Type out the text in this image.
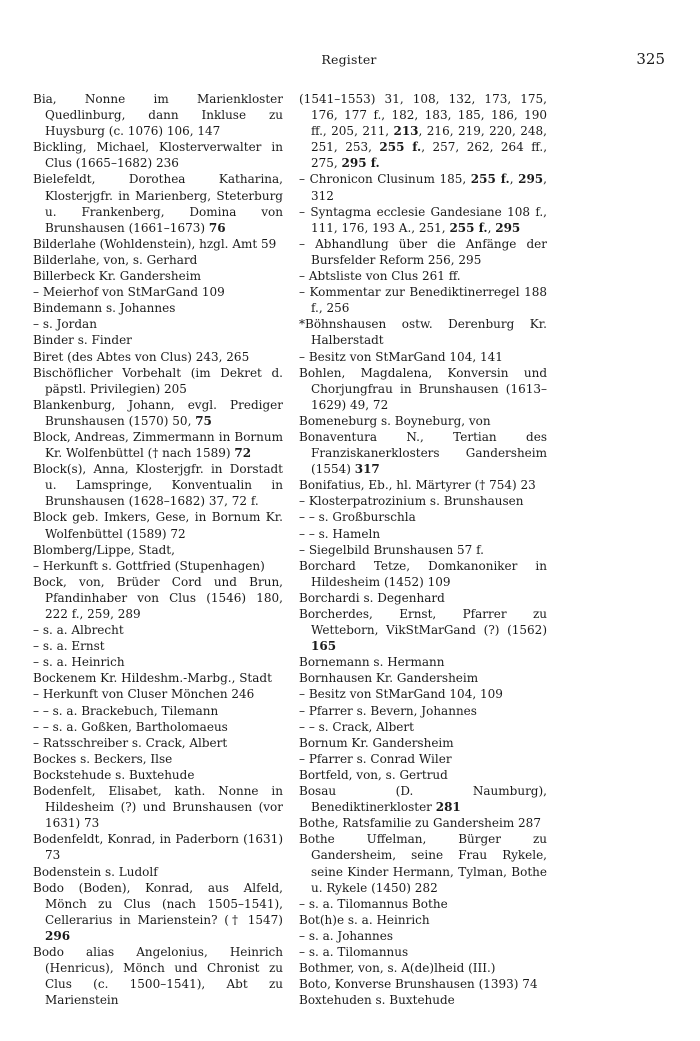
Register	325

Bia, Nonne im Marienkloster Quedlinburg, dann Inkluse zu Huysburg (c. 1076) 106, 147

Bickling, Michael, Klosterverwalter in Clus (1665–1682) 236

Bielefeldt, Dorothea Katharina, Klosterjgfr. in Marienberg, Steterburg u. Frankenberg, Domina von Brunshausen (1661–1673) 76

Bilderlahe (Wohldenstein), hzgl. Amt 59

Bilderlahe, von, s. Gerhard

Billerbeck Kr. Gandersheim

– Meierhof von StMarGand 109

Bindemann s. Johannes

– s. Jordan

Binder s. Finder

Biret (des Abtes von Clus) 243, 265

Bischöflicher Vorbehalt (im Dekret d. päpstl. Privilegien) 205

Blankenburg, Johann, evgl. Prediger Brunshausen (1570) 50, 75

Block, Andreas, Zimmermann in Bornum Kr. Wolfenbüttel († nach 1589) 72

Block(s), Anna, Klosterjgfr. in Dorstadt u. Lamspringe, Konventualin in Brunshausen (1628–1682) 37, 72 f.

Block geb. Imkers, Gese, in Bornum Kr. Wolfenbüttel (1589) 72

Blomberg/Lippe, Stadt,

– Herkunft s. Gottfried (Stupenhagen)

Bock, von, Brüder Cord und Brun, Pfandinhaber von Clus (1546) 180, 222 f., 259, 289

– s. a. Albrecht

– s. a. Ernst

– s. a. Heinrich

Bockenem Kr. Hildeshm.-Marbg., Stadt

– Herkunft von Cluser Mönchen 246

– – s. a. Brackebuch, Tilemann

– – s. a. Goßken, Bartholomaeus

– Ratsschreiber s. Crack, Albert

Bockes s. Beckers, Ilse

Bockstehude s. Buxtehude

Bodenfelt, Elisabet, kath. Nonne in Hildesheim (?) und Brunshausen (vor 1631) 73

Bodenfeldt, Konrad, in Paderborn (1631) 73

Bodenstein s. Ludolf

Bodo (Boden), Konrad, aus Alfeld, Mönch zu Clus (nach 1505–1541), Cellerarius in Marienstein? († 1547) 296

Bodo alias Angelonius, Heinrich (Henricus), Mönch und Chronist zu Clus (c. 1500–1541), Abt zu Marienstein

(1541–1553) 31, 108, 132, 173, 175, 176, 177 f., 182, 183, 185, 186, 190 ff., 205, 211, 213, 216, 219, 220, 248, 251, 253, 255 f., 257, 262, 264 ff., 275, 295 f.

– Chronicon Clusinum 185, 255 f., 295, 312

– Syntagma ecclesie Gandesiane 108 f., 111, 176, 193 A., 251, 255 f., 295

– Abhandlung über die Anfänge der Bursfelder Reform 256, 295

– Abtsliste von Clus 261 ff.

– Kommentar zur Benediktinerregel 188 f., 256

*Böhnshausen ostw. Derenburg Kr. Halberstadt

– Besitz von StMarGand 104, 141

Bohlen, Magdalena, Konversin und Chorjungfrau in Brunshausen (1613–1629) 49, 72

Bomeneburg s. Boyneburg, von

Bonaventura N., Tertian des Franziskanerklosters Gandersheim (1554) 317

Bonifatius, Eb., hl. Märtyrer († 754) 23

– Klosterpatrozinium s. Brunshausen

– – s. Großburschla

– – s. Hameln

– Siegelbild Brunshausen 57 f.

Borchard Tetze, Domkanoniker in Hildesheim (1452) 109

Borchardi s. Degenhard

Borcherdes, Ernst, Pfarrer zu Wetteborn, VikStMarGand (?) (1562) 165

Bornemann s. Hermann

Bornhausen Kr. Gandersheim

– Besitz von StMarGand 104, 109

– Pfarrer s. Bevern, Johannes

– – s. Crack, Albert

Bornum Kr. Gandersheim

– Pfarrer s. Conrad Wiler

Bortfeld, von, s. Gertrud

Bosau (D. Naumburg), Benediktinerkloster 281

Bothe, Ratsfamilie zu Gandersheim 287

Bothe Uffelman, Bürger zu Gandersheim, seine Frau Rykele, seine Kinder Hermann, Tylman, Bothe u. Rykele (1450) 282

– s. a. Tilomannus Bothe

Bot(h)e s. a. Heinrich

– s. a. Johannes

– s. a. Tilomannus

Bothmer, von, s. A(de)lheid (III.)

Boto, Konverse Brunshausen (1393) 74

Boxtehuden s. Buxtehude
